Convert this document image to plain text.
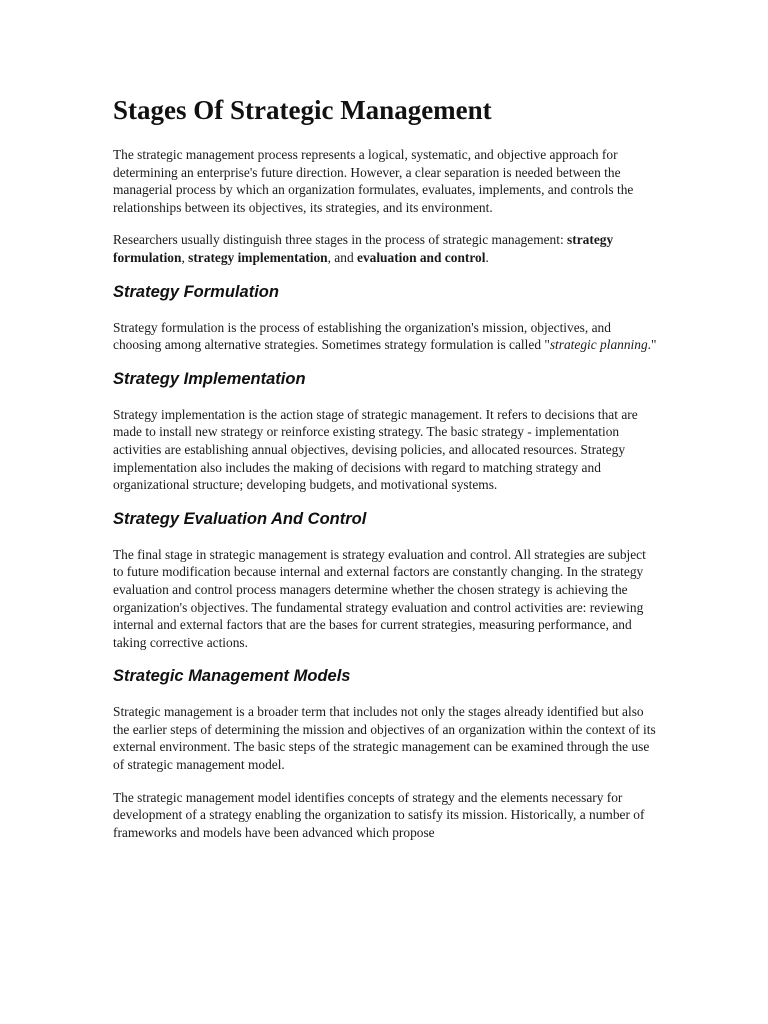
Stages Of Strategic Management

The strategic management process represents a logical, systematic, and objective approach for determining an enterprise's future direction. However, a clear separation is needed between the managerial process by which an organization formulates, evaluates, implements, and controls the relationships between its objectives, its strategies, and its environment.

Researchers usually distinguish three stages in the process of strategic management: strategy formulation, strategy implementation, and evaluation and control.

Strategy Formulation

Strategy formulation is the process of establishing the organization's mission, objectives, and choosing among alternative strategies. Sometimes strategy formulation is called "strategic planning."

Strategy Implementation

Strategy implementation is the action stage of strategic management. It refers to decisions that are made to install new strategy or reinforce existing strategy. The basic strategy - implementation activities are establishing annual objectives, devising policies, and allocated resources. Strategy implementation also includes the making of decisions with regard to matching strategy and organizational structure; developing budgets, and motivational systems.

Strategy Evaluation And Control

The final stage in strategic management is strategy evaluation and control. All strategies are subject to future modification because internal and external factors are constantly changing. In the strategy evaluation and control process managers determine whether the chosen strategy is achieving the organization's objectives. The fundamental strategy evaluation and control activities are: reviewing internal and external factors that are the bases for current strategies, measuring performance, and taking corrective actions.

Strategic Management Models

Strategic management is a broader term that includes not only the stages already identified but also the earlier steps of determining the mission and objectives of an organization within the context of its external environment. The basic steps of the strategic management can be examined through the use of strategic management model.

The strategic management model identifies concepts of strategy and the elements necessary for development of a strategy enabling the organization to satisfy its mission. Historically, a number of frameworks and models have been advanced which propose
